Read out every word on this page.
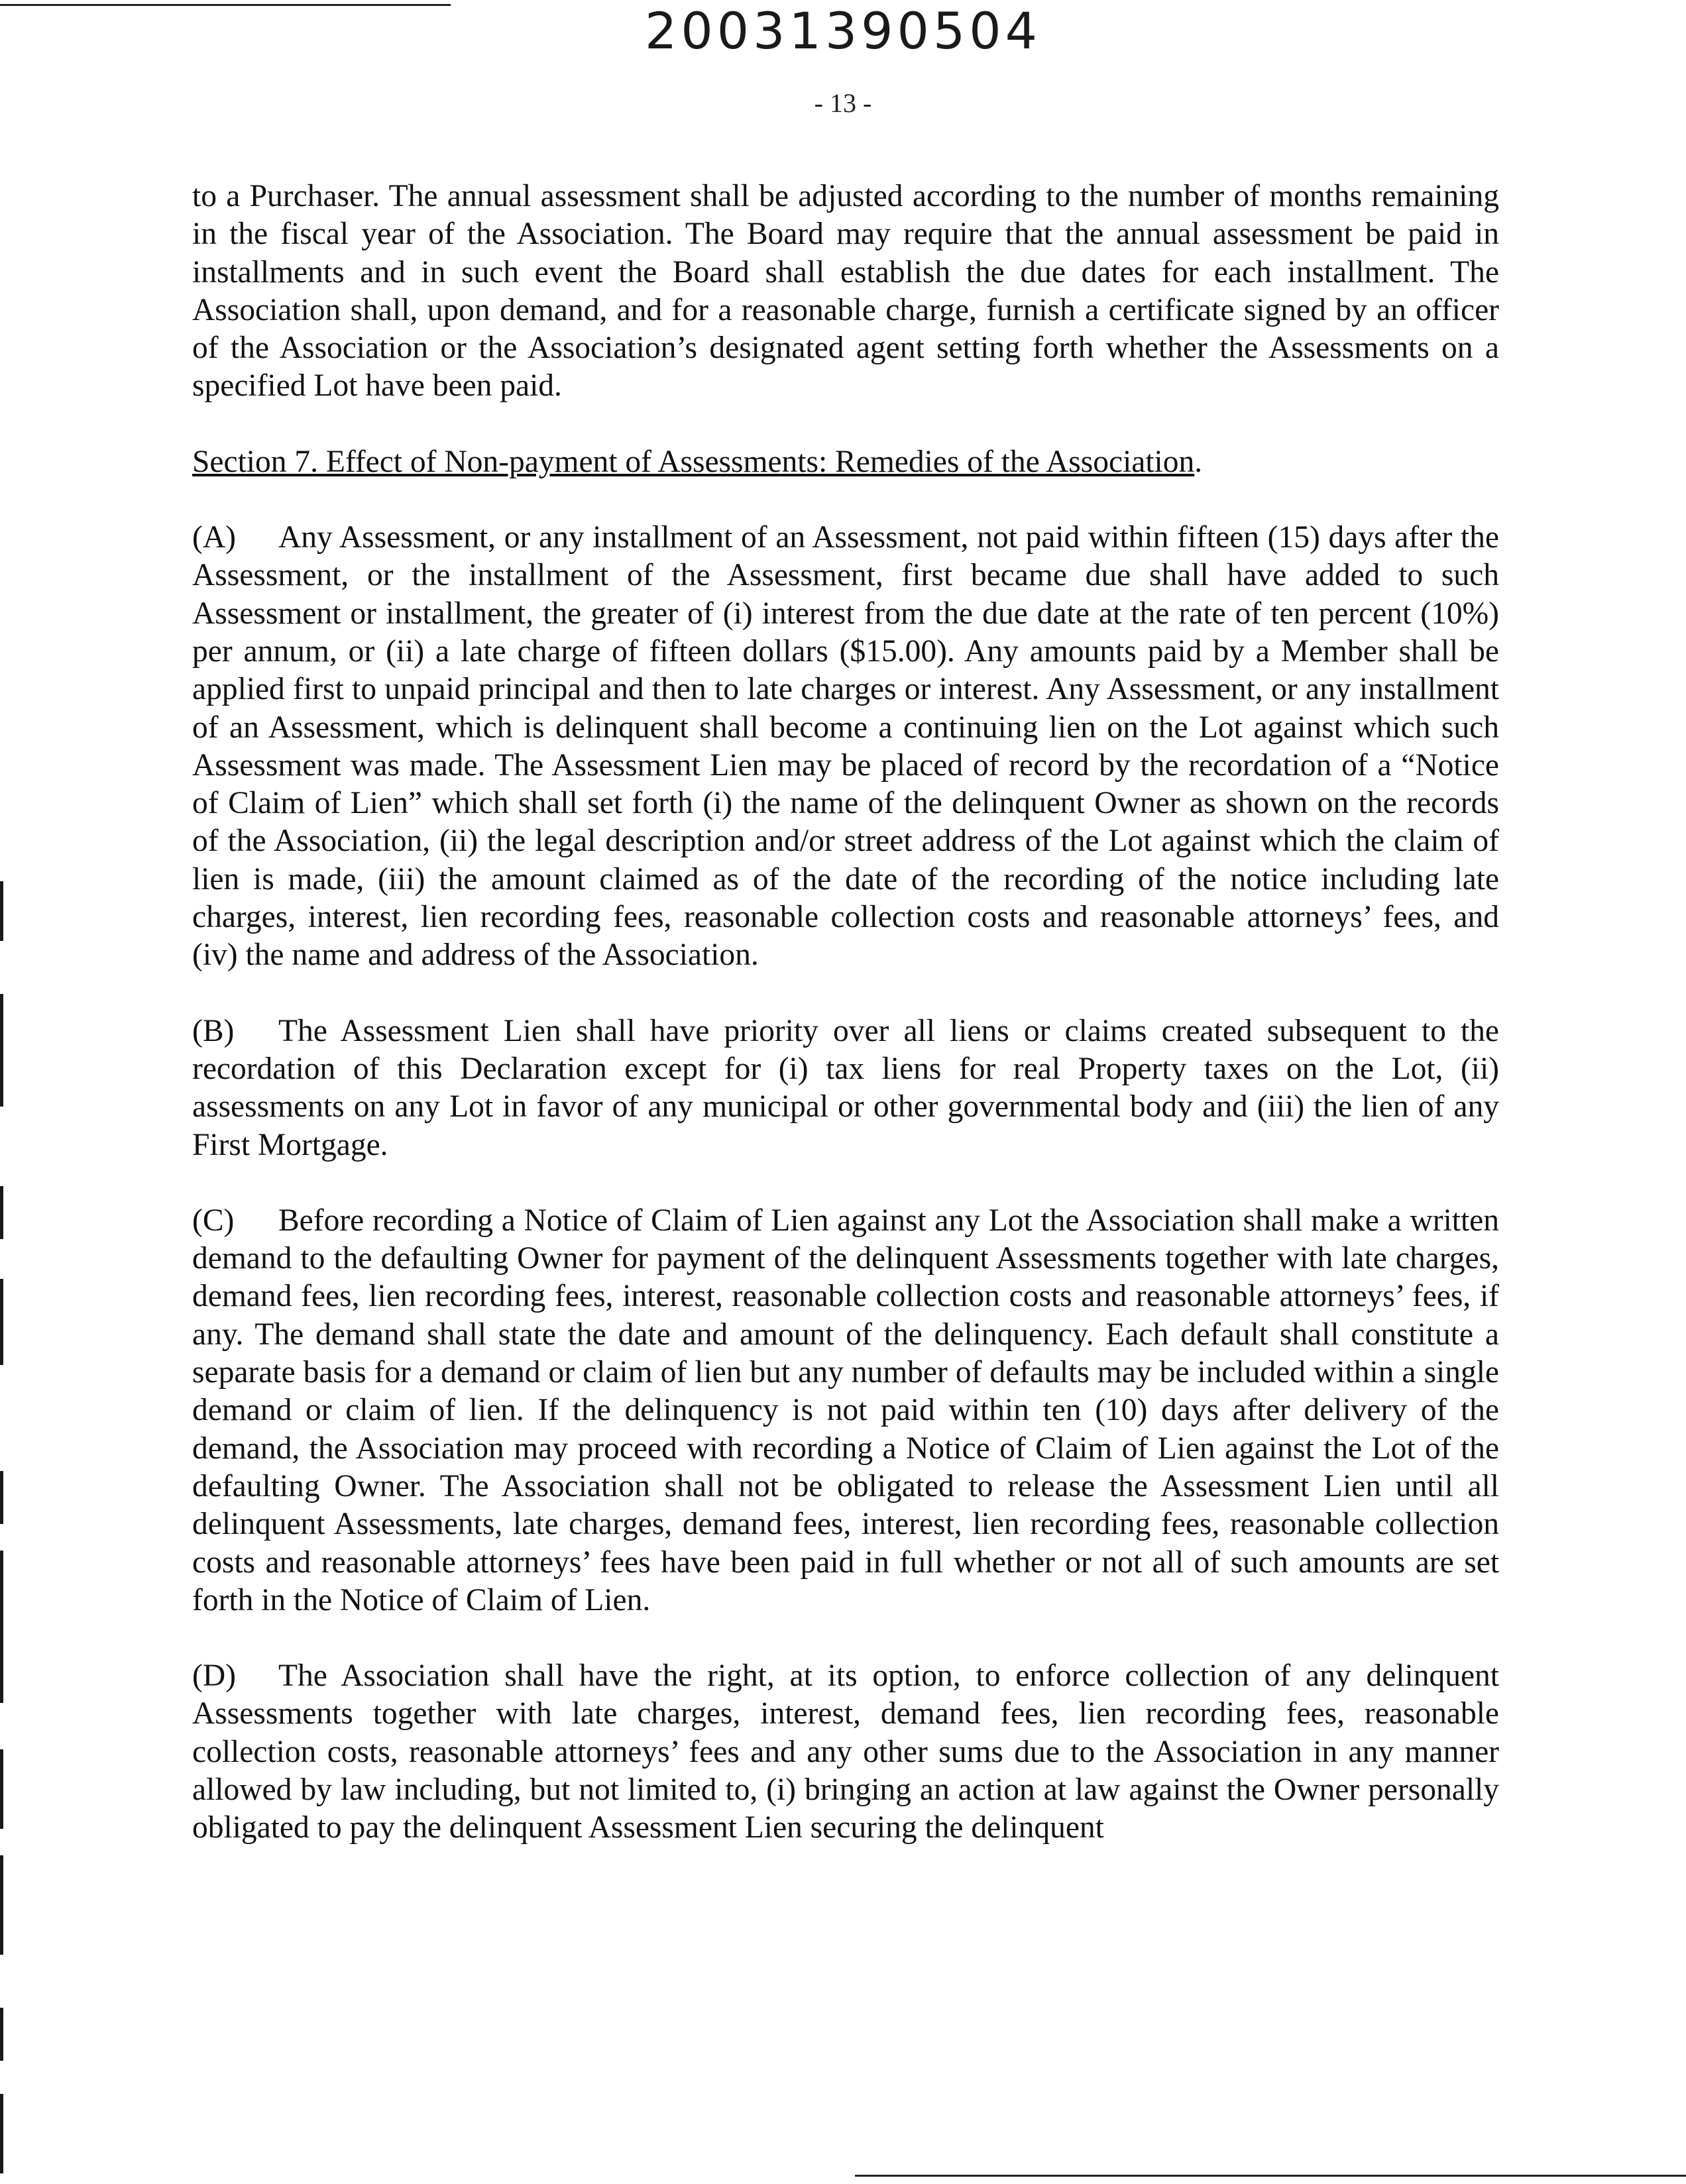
20031390504
- 13 -

to a Purchaser. The annual assessment shall be adjusted according to the number of months remaining in the fiscal year of the Association. The Board may require that the annual assessment be paid in installments and in such event the Board shall establish the due dates for each installment. The Association shall, upon demand, and for a reasonable charge, furnish a certificate signed by an officer of the Association or the Association’s designated agent setting forth whether the Assessments on a specified Lot have been paid.

Section 7. Effect of Non-payment of Assessments: Remedies of the Association.

(A) Any Assessment, or any installment of an Assessment, not paid within fifteen (15) days after the Assessment, or the installment of the Assessment, first became due shall have added to such Assessment or installment, the greater of (i) interest from the due date at the rate of ten percent (10%) per annum, or (ii) a late charge of fifteen dollars ($15.00). Any amounts paid by a Member shall be applied first to unpaid principal and then to late charges or interest. Any Assessment, or any installment of an Assessment, which is delinquent shall become a continuing lien on the Lot against which such Assessment was made. The Assessment Lien may be placed of record by the recordation of a “Notice of Claim of Lien” which shall set forth (i) the name of the delinquent Owner as shown on the records of the Association, (ii) the legal description and/or street address of the Lot against which the claim of lien is made, (iii) the amount claimed as of the date of the recording of the notice including late charges, interest, lien recording fees, reasonable collection costs and reasonable attorneys’ fees, and (iv) the name and address of the Association.

(B) The Assessment Lien shall have priority over all liens or claims created subsequent to the recordation of this Declaration except for (i) tax liens for real Property taxes on the Lot, (ii) assessments on any Lot in favor of any municipal or other governmental body and (iii) the lien of any First Mortgage.

(C) Before recording a Notice of Claim of Lien against any Lot the Association shall make a written demand to the defaulting Owner for payment of the delinquent Assessments together with late charges, demand fees, lien recording fees, interest, reasonable collection costs and reasonable attorneys’ fees, if any. The demand shall state the date and amount of the delinquency. Each default shall constitute a separate basis for a demand or claim of lien but any number of defaults may be included within a single demand or claim of lien. If the delinquency is not paid within ten (10) days after delivery of the demand, the Association may proceed with recording a Notice of Claim of Lien against the Lot of the defaulting Owner. The Association shall not be obligated to release the Assessment Lien until all delinquent Assessments, late charges, demand fees, interest, lien recording fees, reasonable collection costs and reasonable attorneys’ fees have been paid in full whether or not all of such amounts are set forth in the Notice of Claim of Lien.

(D) The Association shall have the right, at its option, to enforce collection of any delinquent Assessments together with late charges, interest, demand fees, lien recording fees, reasonable collection costs, reasonable attorneys’ fees and any other sums due to the Association in any manner allowed by law including, but not limited to, (i) bringing an action at law against the Owner personally obligated to pay the delinquent Assessment Lien securing the delinquent
